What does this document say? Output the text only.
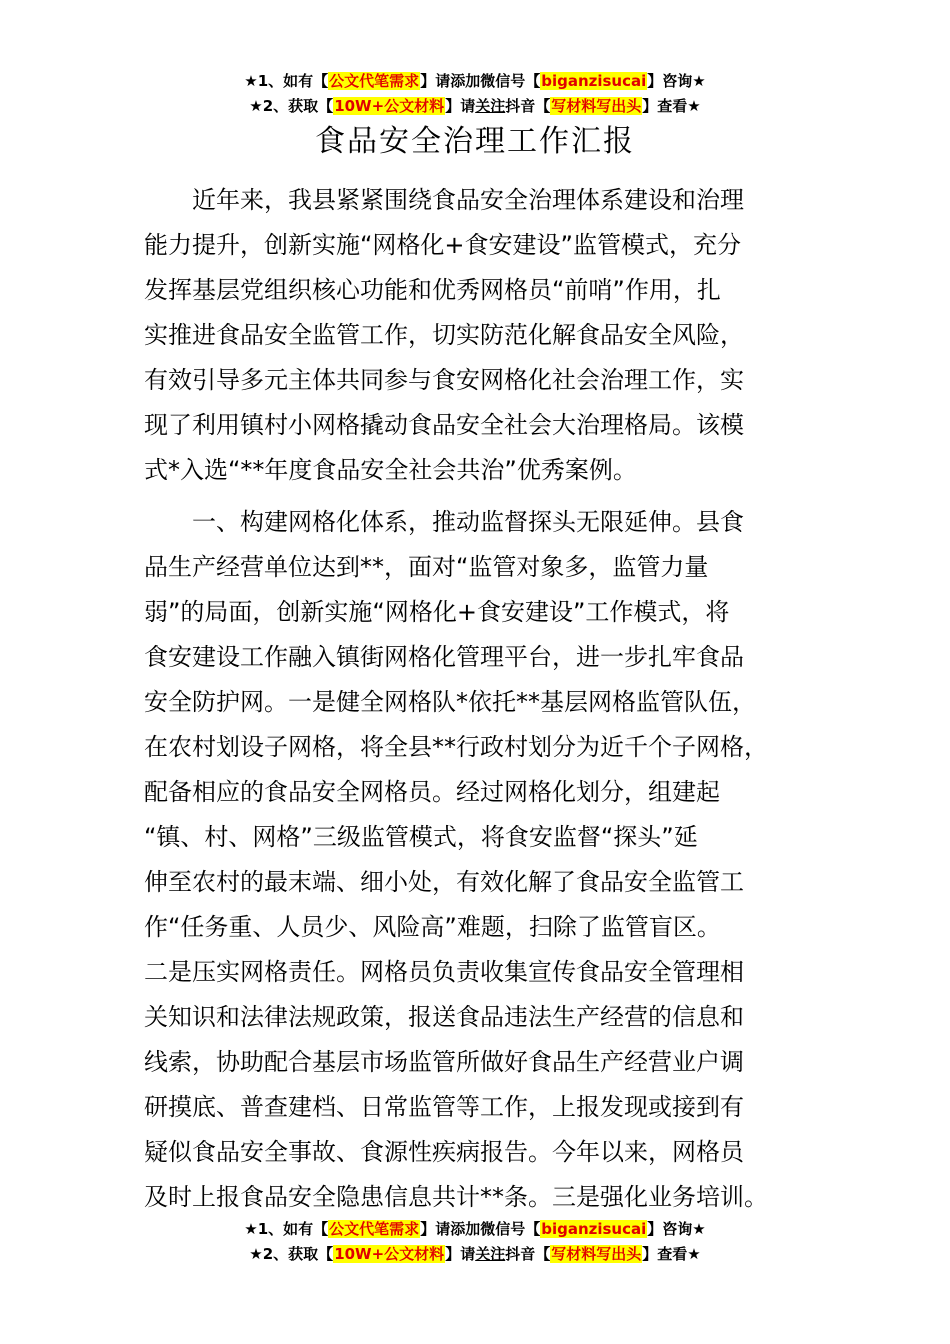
★1、如有【公文代笔需求】请添加微信号【biganzisucai】咨询★
★2、获取【10W+公文材料】请关注抖音【写材料写出头】查看★
食品安全治理工作汇报
近年来，我县紧紧围绕食品安全治理体系建设和治理
能力提升，创新实施“网格化+食安建设”监管模式，充分
发挥基层党组织核心功能和优秀网格员“前哨”作用，扎
实推进食品安全监管工作，切实防范化解食品安全风险，
有效引导多元主体共同参与食安网格化社会治理工作，实
现了利用镇村小网格撬动食品安全社会大治理格局。该模
式*入选“**年度食品安全社会共治”优秀案例。
一、构建网格化体系，推动监督探头无限延伸。县食
品生产经营单位达到**，面对“监管对象多，监管力量
弱”的局面，创新实施“网格化+食安建设”工作模式，将
食安建设工作融入镇街网格化管理平台，进一步扎牢食品
安全防护网。一是健全网格队*依托**基层网格监管队伍，
在农村划设子网格，将全县**行政村划分为近千个子网格，
配备相应的食品安全网格员。经过网格化划分，组建起
“镇、村、网格”三级监管模式，将食安监督“探头”延
伸至农村的最末端、细小处，有效化解了食品安全监管工
作“任务重、人员少、风险高”难题，扫除了监管盲区。
二是压实网格责任。网格员负责收集宣传食品安全管理相
关知识和法律法规政策，报送食品违法生产经营的信息和
线索，协助配合基层市场监管所做好食品生产经营业户调
研摸底、普查建档、日常监管等工作，上报发现或接到有
疑似食品安全事故、食源性疾病报告。今年以来，网格员
及时上报食品安全隐患信息共计**条。三是强化业务培训。
★1、如有【公文代笔需求】请添加微信号【biganzisucai】咨询★
★2、获取【10W+公文材料】请关注抖音【写材料写出头】查看★
